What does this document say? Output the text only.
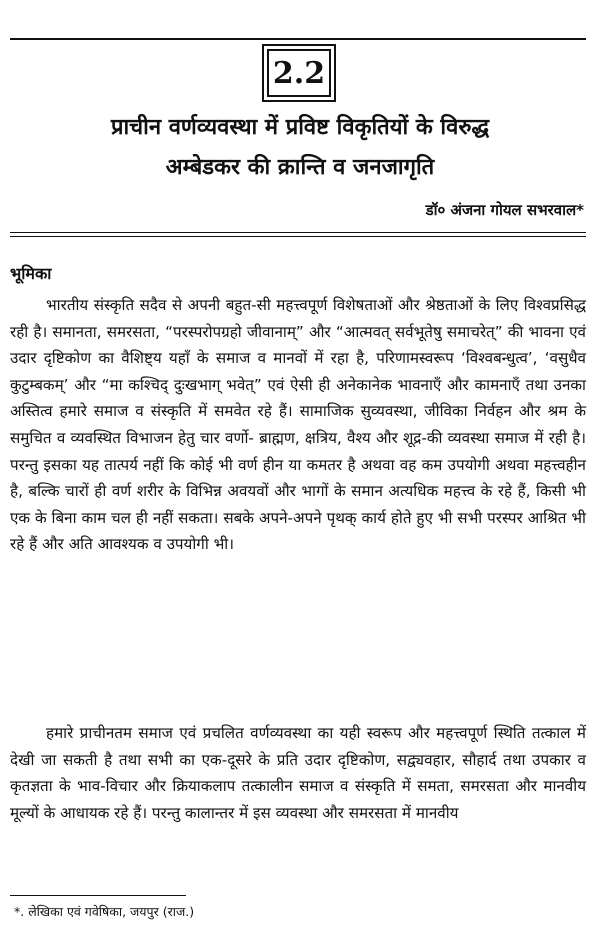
2.2
प्राचीन वर्णव्यवस्था में प्रविष्ट विकृतियों के विरुद्ध
अम्बेडकर की क्रान्ति व जनजागृति
डॉ० अंजना गोयल सभरवाल*
भूमिका

भारतीय संस्कृति सदैव से अपनी बहुत-सी महत्त्वपूर्ण विशेषताओं और श्रेष्ठताओं के लिए विश्वप्रसिद्ध रही है। समानता, समरसता, “परस्परोपग्रहो जीवानाम्” और “आत्मवत् सर्वभूतेषु समाचरेत्” की भावना एवं उदार दृष्टिकोण का वैशिष्ट्य यहाँ के समाज व मानवों में रहा है, परिणामस्वरूप ‘विश्वबन्धुत्व’, ‘वसुधैव कुटुम्बकम्’ और “मा कश्चिद् दुःखभाग् भवेत्” एवं ऐसी ही अनेकानेक भावनाएँ और कामनाएँ तथा उनका अस्तित्व हमारे समाज व संस्कृति में समवेत रहे हैं। सामाजिक सुव्यवस्था, जीविका निर्वहन और श्रम के समुचित व व्यवस्थित विभाजन हेतु चार वर्णो- ब्राह्मण, क्षत्रिय, वैश्य और शूद्र-की व्यवस्था समाज में रही है। परन्तु इसका यह तात्पर्य नहीं कि कोई भी वर्ण हीन या कमतर है अथवा वह कम उपयोगी अथवा महत्त्वहीन है, बल्कि चारों ही वर्ण शरीर के विभिन्न अवयवों और भागों के समान अत्यधिक महत्त्व के रहे हैं, किसी भी एक के बिना काम चल ही नहीं सकता। सबके अपने-अपने पृथक् कार्य होते हुए भी सभी परस्पर आश्रित भी रहे हैं और अति आवश्यक व उपयोगी भी।

हमारे प्राचीनतम समाज एवं प्रचलित वर्णव्यवस्था का यही स्वरूप और महत्त्वपूर्ण स्थिति तत्काल में देखी जा सकती है तथा सभी का एक-दूसरे के प्रति उदार दृष्टिकोण, सद्व्यवहार, सौहार्द तथा उपकार व कृतज्ञता के भाव-विचार और क्रियाकलाप तत्कालीन समाज व संस्कृति में समता, समरसता और मानवीय मूल्यों के आधायक रहे हैं। परन्तु कालान्तर में इस व्यवस्था और समरसता में मानवीय

*. लेखिका एवं गवेषिका, जयपुर (राज.)
